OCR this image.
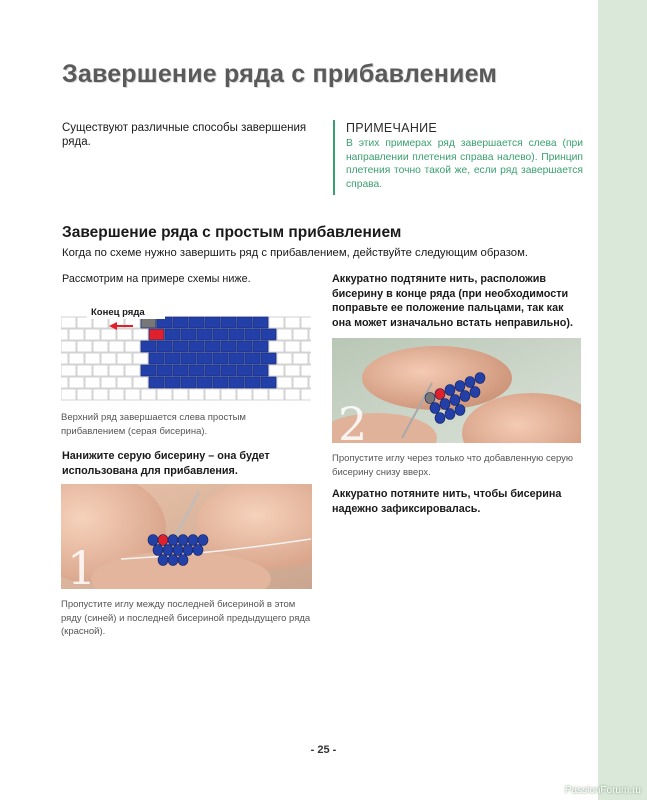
Завершение ряда с прибавлением
Существуют различные способы завершения ряда.
ПРИМЕЧАНИЕ
В этих примерах ряд завершается слева (при направлении плетения справа налево). Принцип плетения точно такой же, если ряд завершается справа.
Завершение ряда с простым прибавлением
Когда по схеме нужно завершить ряд с прибавлением, действуйте следующим образом.
Рассмотрим на примере схемы ниже.
Конец ряда
Верхний ряд завершается слева простым прибавлением (серая бисерина).
Нанижите серую бисерину – она будет использована для прибавления.
1
Пропустите иглу между последней бисериной в этом ряду (синей) и последней бисериной предыдущего ряда (красной).
Аккуратно подтяните нить, расположив бисерину в конце ряда (при необходимости поправьте ее положение пальцами, так как она может изначально встать неправильно).
2
Пропустите иглу через только что добавленную серую бисерину снизу вверх.
Аккуратно потяните нить, чтобы бисерина надежно зафиксировалась.
- 25 -
PassionForum.ru
